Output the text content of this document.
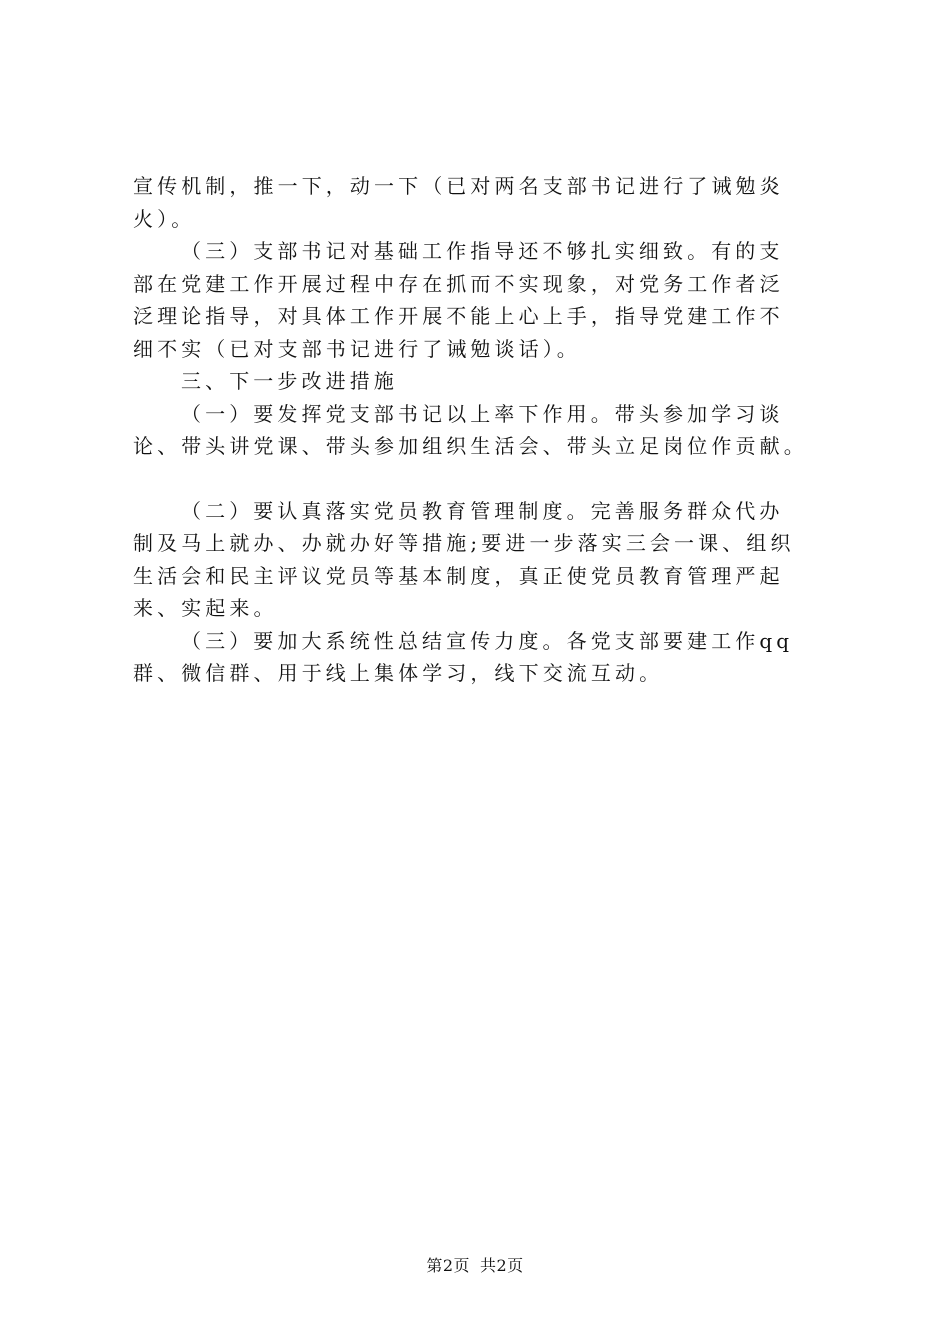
宣传机制，推一下，动一下（已对两名支部书记进行了诫勉炎
火）。
（三）支部书记对基础工作指导还不够扎实细致。有的支
部在党建工作开展过程中存在抓而不实现象，对党务工作者泛
泛理论指导，对具体工作开展不能上心上手，指导党建工作不
细不实（已对支部书记进行了诫勉谈话）。
三、下一步改进措施
（一）要发挥党支部书记以上率下作用。带头参加学习谈
论、带头讲党课、带头参加组织生活会、带头立足岗位作贡献。
（二）要认真落实党员教育管理制度。完善服务群众代办
制及马上就办、办就办好等措施;要进一步落实三会一课、组织
生活会和民主评议党员等基本制度，真正使党员教育管理严起
来、实起来。
（三）要加大系统性总结宣传力度。各党支部要建工作qq
群、微信群、用于线上集体学习，线下交流互动。
第2页 共2页
